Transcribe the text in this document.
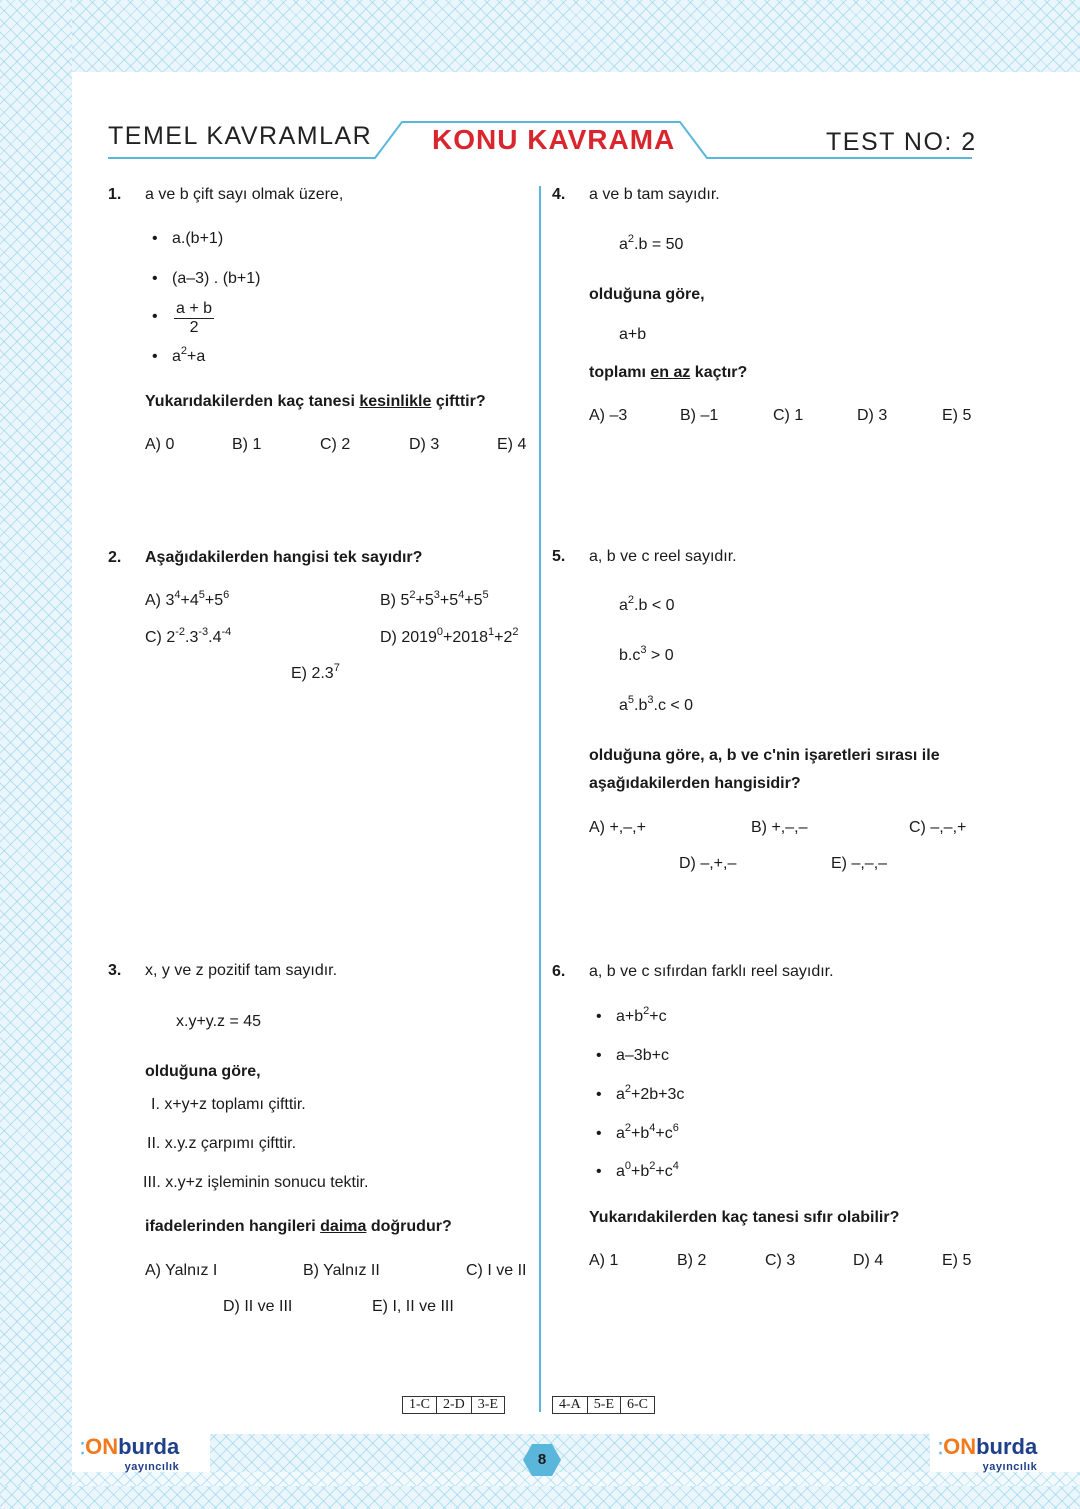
TEMEL KAVRAMLAR KONU KAVRAMA	TEST NO: 2
1. a ve b çift sayı olmak üzere,
• a.(b+1)
• (a–3) . (b+1)
• $\frac{a + b}{2}$
• $a^2+a$
Yukarıdakilerden kaç tanesi kesinlikle çifttir?
A) 0	B) 1	C) 2	D) 3	E) 4
2. Aşağıdakilerden hangisi tek sayıdır?
A) $3^4+4^5+5^6$	B) $5^2+5^3+5^4+5^5$
C) $2^{-2}.3^{-3}.4^{-4}$	D) $2019^0+2018^1+2^2$
E) $2.3^7$
3. x, y ve z pozitif tam sayıdır.
x.y+y.z = 45
olduğuna göre,
I. x+y+z toplamı çifttir.
II. x.y.z çarpımı çifttir.
III. x.y+z işleminin sonucu tektir.
ifadelerinden hangileri daima doğrudur?
A) Yalnız I	B) Yalnız II	C) I ve II
D) II ve III	E) I, II ve III
4. a ve b tam sayıdır.
$a^2.b = 50$
olduğuna göre,
a+b
toplamı en az kaçtır?
A) –3	B) –1	C) 1	D) 3	E) 5
5. a, b ve c reel sayıdır.
$a^2.b < 0$
$b.c^3 > 0$
$a^5.b^3.c < 0$
olduğuna göre, a, b ve c'nin işaretleri sırası ile
aşağıdakilerden hangisidir?
A) +,–,+	B) +,–,–	C) –,–,+
D) –,+,–	E) –,–,–
6. a, b ve c sıfırdan farklı reel sayıdır.
• $a+b^2+c$
• a–3b+c
• $a^2+2b+3c$
• $a^2+b^4+c^6$
• $a^0+b^2+c^4$
Yukarıdakilerden kaç tanesi sıfır olabilir?
A) 1	B) 2	C) 3	D) 4	E) 5
1-C 2-D 3-E	4-A 5-E 6-C
⁚ONburda
yayıncılık
⁚ONburda
yayıncılık
8
